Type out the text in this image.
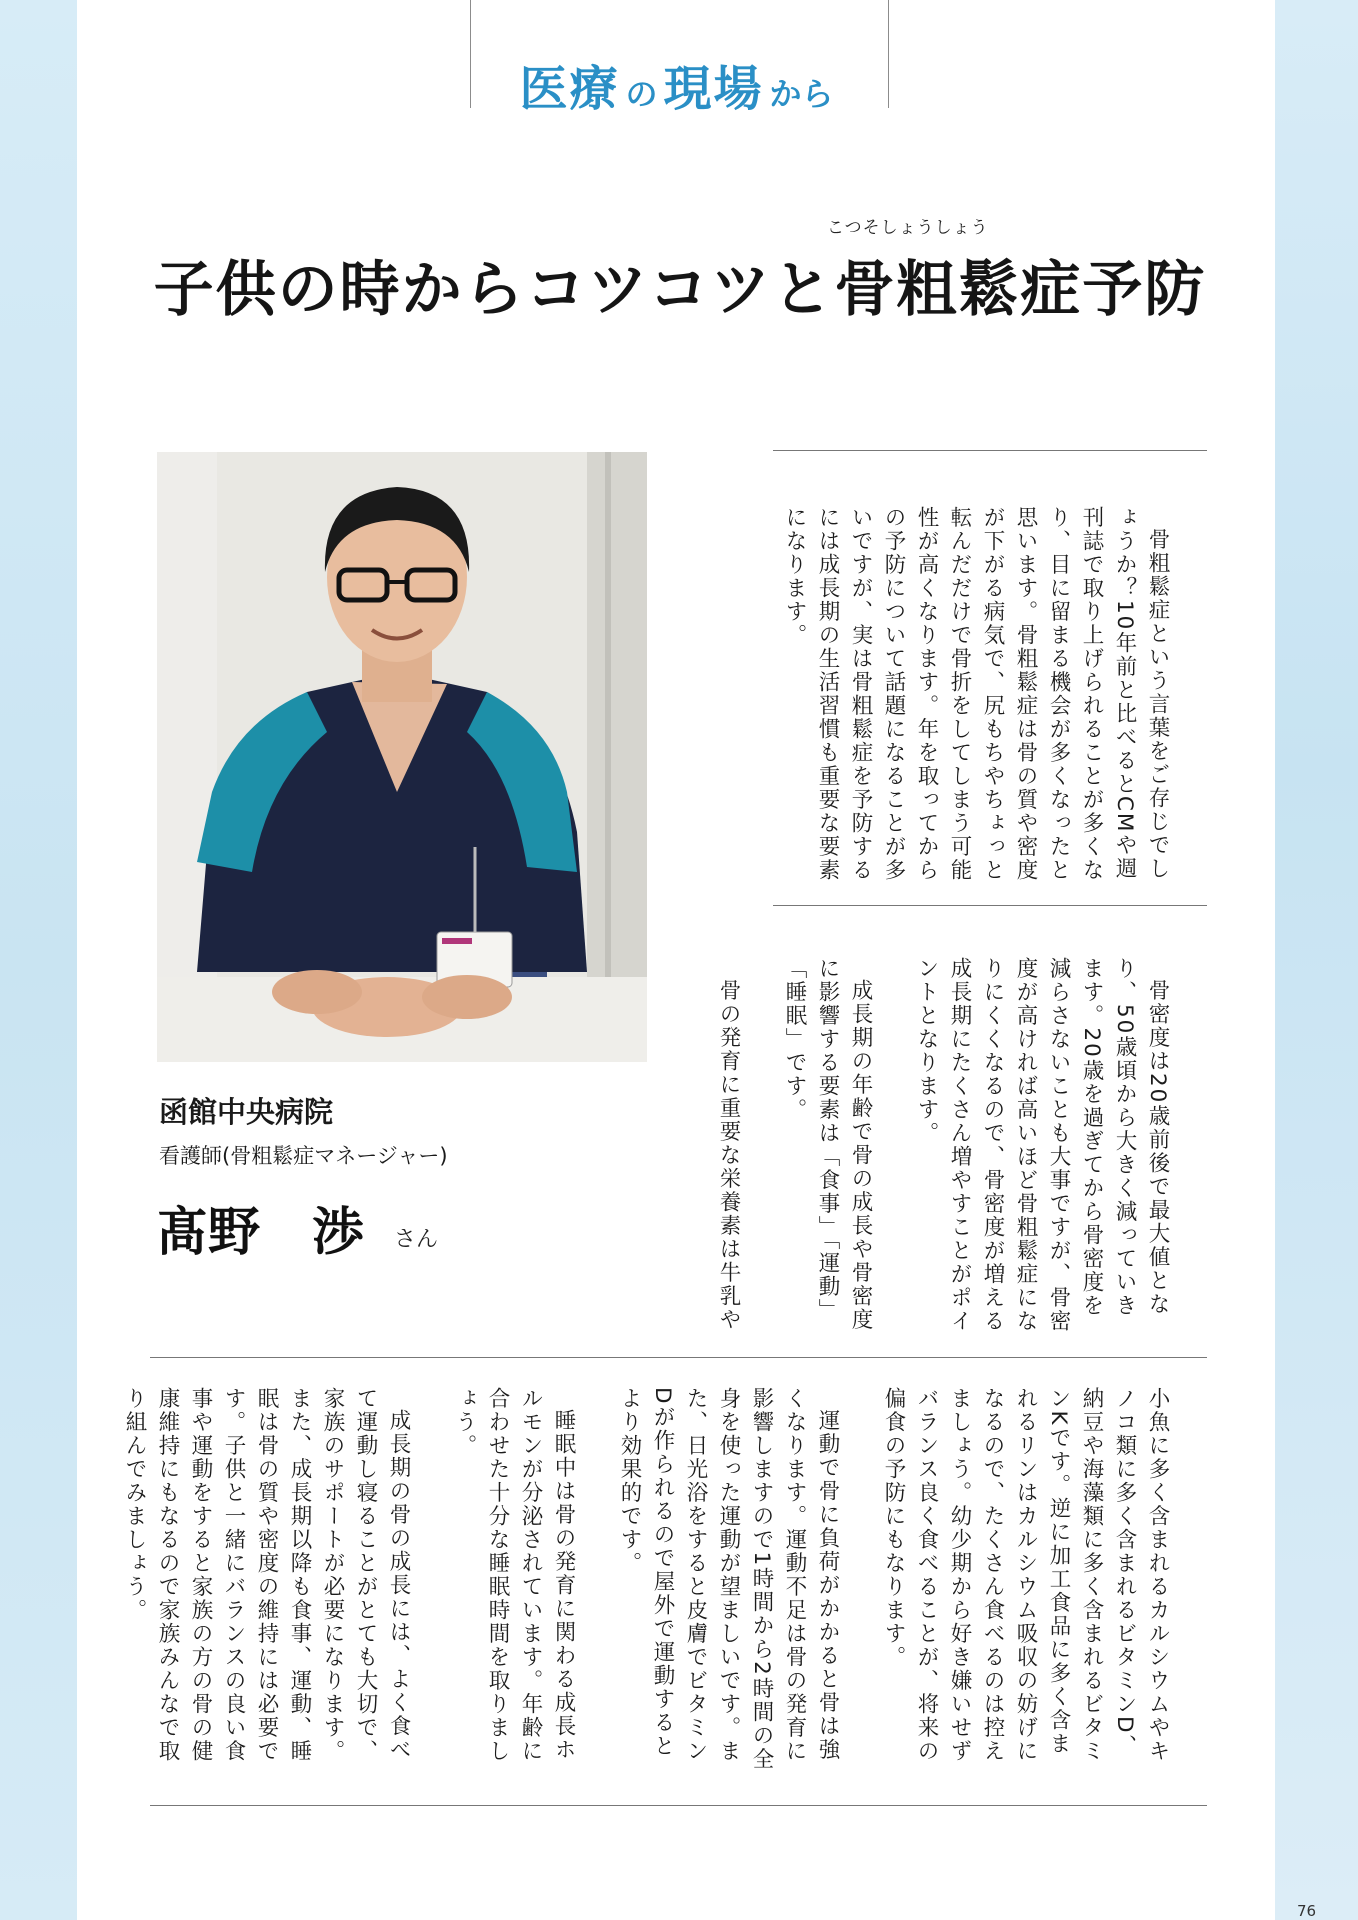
医療 の 現場 から
こつそしょうしょう
子供の時からコツコツと骨粗鬆症予防
函館中央病院
看護師(骨粗鬆症マネージャー)
髙野　渉 さん

骨粗鬆症という言葉をご存じでしょうか？10年前と比べるとCMや週刊誌で取り上げられることが多くなり、目に留まる機会が多くなったと思います。骨粗鬆症は骨の質や密度が下がる病気で、尻もちやちょっと転んだだけで骨折をしてしまう可能性が高くなります。年を取ってからの予防について話題になることが多いですが、実は骨粗鬆症を予防するには成長期の生活習慣も重要な要素になります。

骨密度は20歳前後で最大値となり、50歳頃から大きく減っていきます。20歳を過ぎてから骨密度を減らさないことも大事ですが、骨密度が高ければ高いほど骨粗鬆症になりにくくなるので、骨密度が増える成長期にたくさん増やすことがポイントとなります。

成長期の年齢で骨の成長や骨密度に影響する要素は「食事」「運動」「睡眠」です。

骨の発育に重要な栄養素は牛乳や

小魚に多く含まれるカルシウムやキノコ類に多く含まれるビタミンD、納豆や海藻類に多く含まれるビタミンKです。逆に加工食品に多く含まれるリンはカルシウム吸収の妨げになるので、たくさん食べるのは控えましょう。幼少期から好き嫌いせずバランス良く食べることが、将来の偏食の予防にもなります。

運動で骨に負荷がかかると骨は強くなります。運動不足は骨の発育に影響しますので1時間から2時間の全身を使った運動が望ましいです。また、日光浴をすると皮膚でビタミンDが作られるので屋外で運動するとより効果的です。

睡眠中は骨の発育に関わる成長ホルモンが分泌されています。年齢に合わせた十分な睡眠時間を取りましょう。

成長期の骨の成長には、よく食べて運動し寝ることがとても大切で、家族のサポートが必要になります。また、成長期以降も食事、運動、睡眠は骨の質や密度の維持には必要です。子供と一緒にバランスの良い食事や運動をすると家族の方の骨の健康維持にもなるので家族みんなで取り組んでみましょう。

76
